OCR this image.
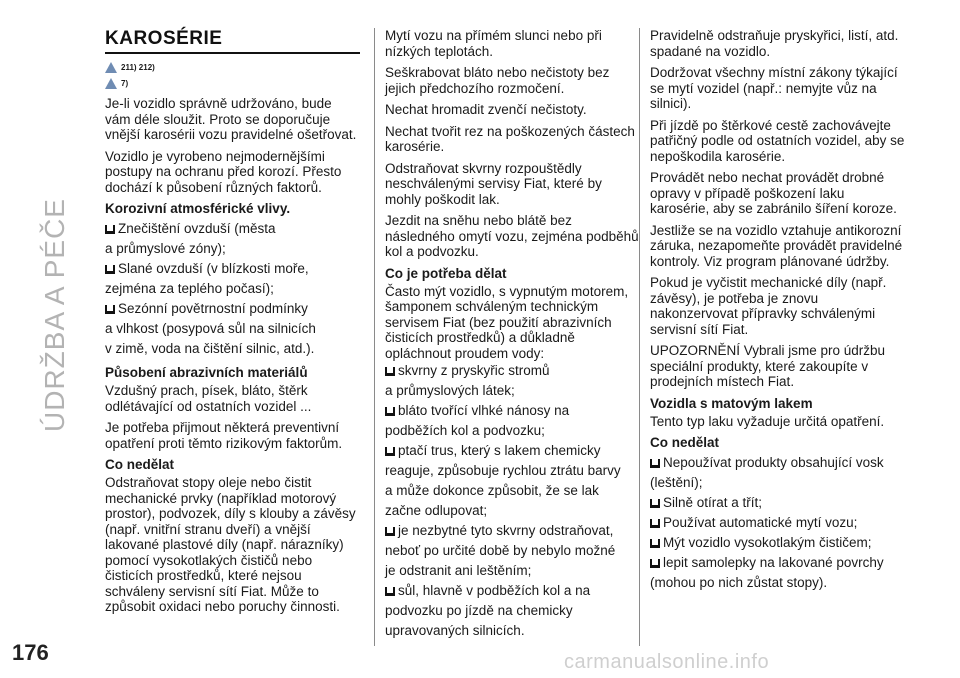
ÚDRŽBA A PÉČE
KAROSÉRIE
211) 212)
7)

Je-li vozidlo správně udržováno, bude vám déle sloužit. Proto se doporučuje vnější karosérii vozu pravidelné ošetřovat.

Vozidlo je vyrobeno nejmodernějšími postupy na ochranu před korozí. Přesto dochází k působení různých faktorů.

Korozivní atmosférické vlivy.
Znečištění ovzduší (města
a průmyslové zóny);
Slané ovzduší (v blízkosti moře,
zejména za teplého počasí);
Sezónní povětrnostní podmínky
a vlhkost (posypová sůl na silnicích
v zimě, voda na čištění silnic, atd.).
Působení abrazivních materiálů

Vzdušný prach, písek, bláto, štěrk odlétávající od ostatních vozidel ...

Je potřeba přijmout některá preventivní opatření proti těmto rizikovým faktorům.

Co nedělat

Odstraňovat stopy oleje nebo čistit mechanické prvky (například motorový prostor), podvozek, díly s klouby a závěsy (např. vnitřní stranu dveří) a vnější lakované plastové díly (např. nárazníky) pomocí vysokotlakých čističů nebo čisticích prostředků, které nejsou schváleny servisní sítí Fiat. Může to způsobit oxidaci nebo poruchy činnosti.

Mytí vozu na přímém slunci nebo při nízkých teplotách.

Seškrabovat bláto nebo nečistoty bez jejich předchozího rozmočení.

Nechat hromadit zvenčí nečistoty.

Nechat tvořit rez na poškozených částech karosérie.

Odstraňovat skvrny rozpouštědly neschválenými servisy Fiat, které by mohly poškodit lak.

Jezdit na sněhu nebo blátě bez následného omytí vozu, zejména podběhů kol a podvozku.

Co je potřeba dělat

Často mýt vozidlo, s vypnutým motorem, šamponem schváleným technickým servisem Fiat (bez použití abrazivních čisticích prostředků) a důkladně opláchnout proudem vody:

skvrny z pryskyřic stromů
a průmyslových látek;
bláto tvořící vlhké nánosy na
podběžích kol a podvozku;
ptačí trus, který s lakem chemicky
reaguje, způsobuje rychlou ztrátu barvy
a může dokonce způsobit, že se lak
začne odlupovat;
je nezbytné tyto skvrny odstraňovat,
neboť po určité době by nebylo možné
je odstranit ani leštěním;
sůl, hlavně v podběžích kol a na
podvozku po jízdě na chemicky
upravovaných silnicích.

Pravidelně odstraňuje pryskyřici, listí, atd. spadané na vozidlo.

Dodržovat všechny místní zákony týkající se mytí vozidel (např.: nemyjte vůz na silnici).

Při jízdě po štěrkové cestě zachovávejte patřičný podle od ostatních vozidel, aby se nepoškodila karosérie.

Provádět nebo nechat provádět drobné opravy v případě poškození laku karosérie, aby se zabránilo šíření koroze.

Jestliže se na vozidlo vztahuje antikorozní záruka, nezapomeňte provádět pravidelné kontroly. Viz program plánované údržby.

Pokud je vyčistit mechanické díly (např. závěsy), je potřeba je znovu nakonzervovat přípravky schválenými servisní sítí Fiat.

UPOZORNĚNÍ Vybrali jsme pro údržbu speciální produkty, které zakoupíte v prodejních místech Fiat.

Vozidla s matovým lakem

Tento typ laku vyžaduje určitá opatření.

Co nedělat
Nepoužívat produkty obsahující vosk
(leštění);
Silně otírat a třít;
Používat automatické mytí vozu;
Mýt vozidlo vysokotlakým čističem;
lepit samolepky na lakované povrchy
(mohou po nich zůstat stopy).
176	carmanualsonline.info
